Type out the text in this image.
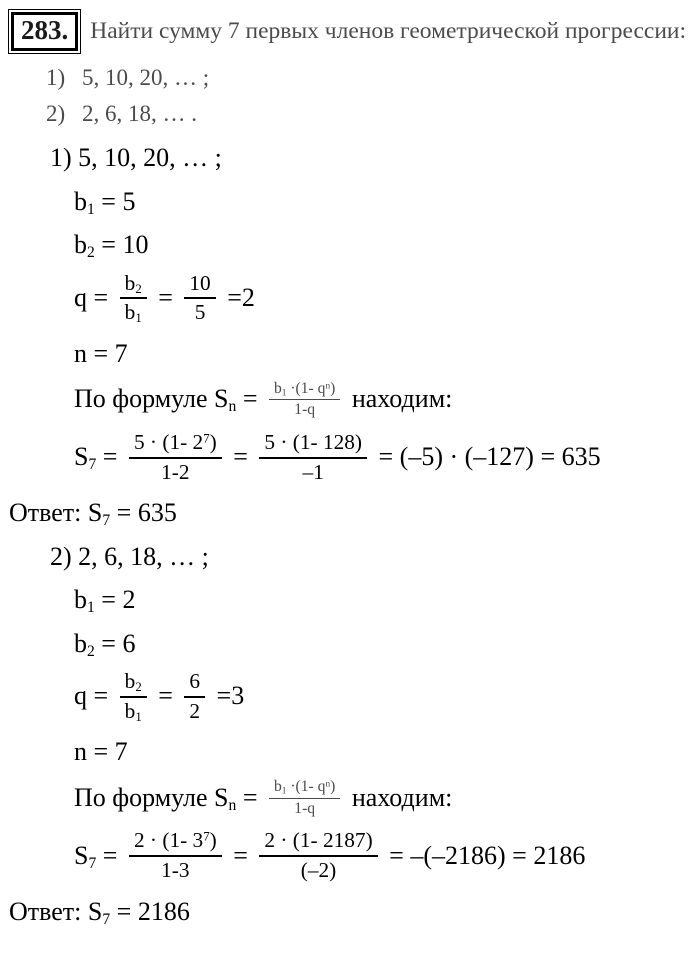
283. Найти сумму 7 первых членов геометрической прогрессии:
1) 5, 10, 20, … ;
2) 2, 6, 18, … .
1) 5, 10, 20, … ;
$b_1 = 5$
$b_2 = 10$
$q = \frac{b_2}{b_1} = \frac{10}{5} =2$
n = 7
По формуле $S_n = \frac{b_1 \cdot(1- q^n)}{1-q}$ находим:
$S_7 = \frac{5 \cdot (1- 2^7)}{1-2} = \frac{5 \cdot (1- 128)}{-1} = (-5) \cdot (-127) = 635$
Ответ: $S_7 = 635$
2) 2, 6, 18, … ;
$b_1 = 2$
$b_2 = 6$
$q = \frac{b_2}{b_1} = \frac{6}{2} =3$
n = 7
По формуле $S_n = \frac{b_1 \cdot(1- q^n)}{1-q}$ находим:
$S_7 = \frac{2 \cdot (1- 3^7)}{1-3} = \frac{2 \cdot (1- 2187)}{(-2)} = -(-2186) = 2186$
Ответ: $S_7 = 2186$
